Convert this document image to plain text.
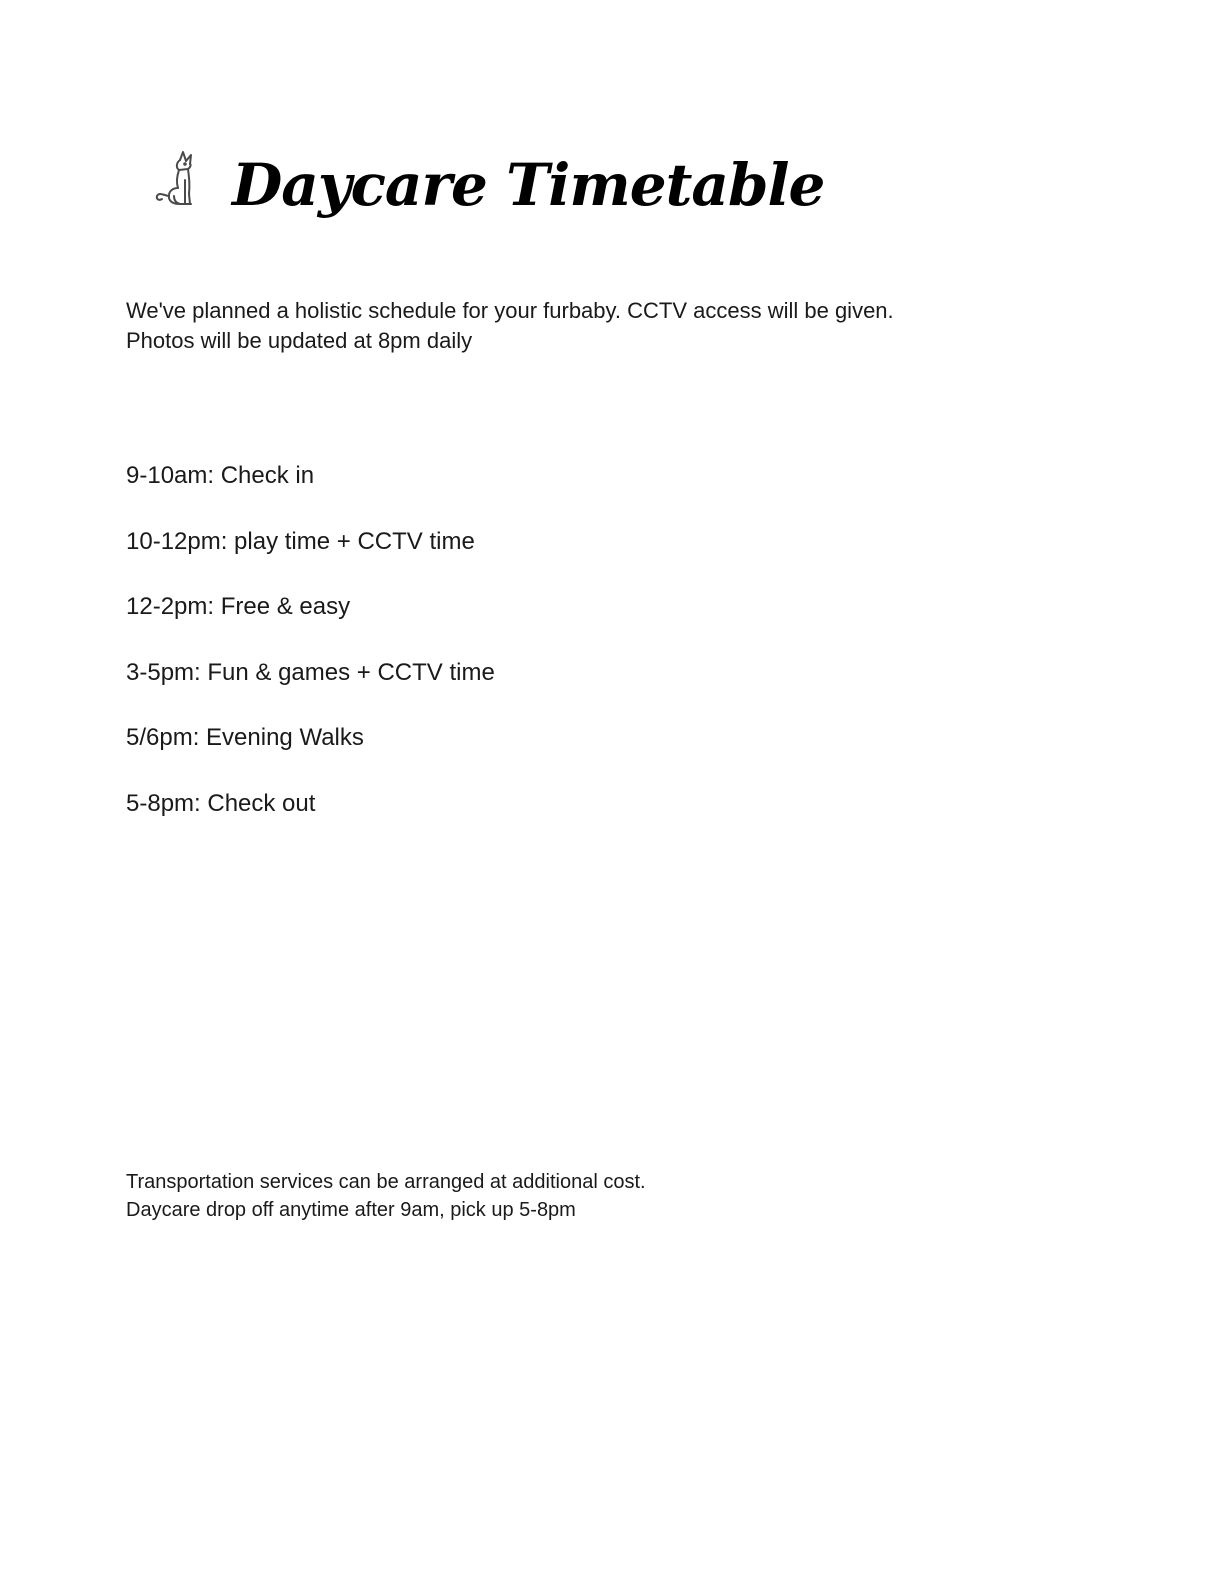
Daycare Timetable
We've planned a holistic schedule for your furbaby. CCTV access will be given.
Photos will be updated at 8pm daily
9-10am: Check in
10-12pm: play time + CCTV time
12-2pm: Free & easy
3-5pm: Fun & games + CCTV time
5/6pm: Evening Walks
5-8pm: Check out
Transportation services can be arranged at additional cost.
Daycare drop off anytime after 9am, pick up 5-8pm
